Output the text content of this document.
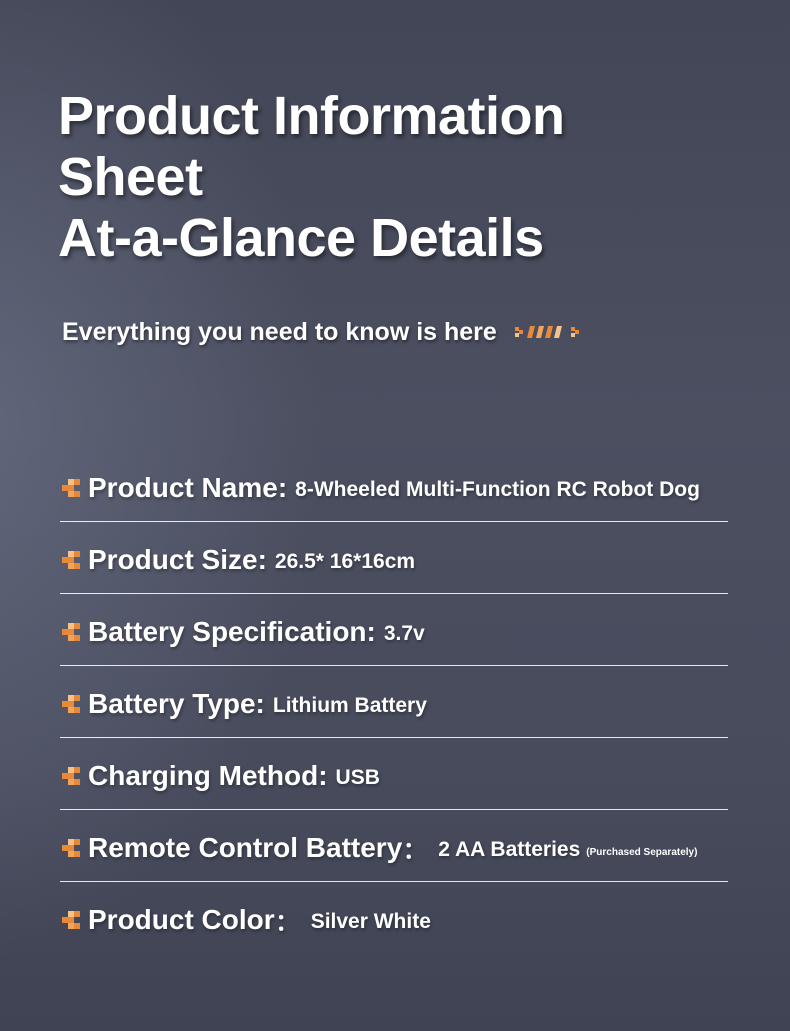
Product Information
Sheet
At-a-Glance Details
Everything you need to know is here
Product Name : 8-Wheeled Multi-Function RC Robot Dog
Product Size : 26.5* 16*16cm
Battery Specification : 3.7v
Battery Type : Lithium Battery
Charging Method : USB
Remote Control Battery ： 2 AA Batteries (Purchased Separately)
Product Color ： Silver White
